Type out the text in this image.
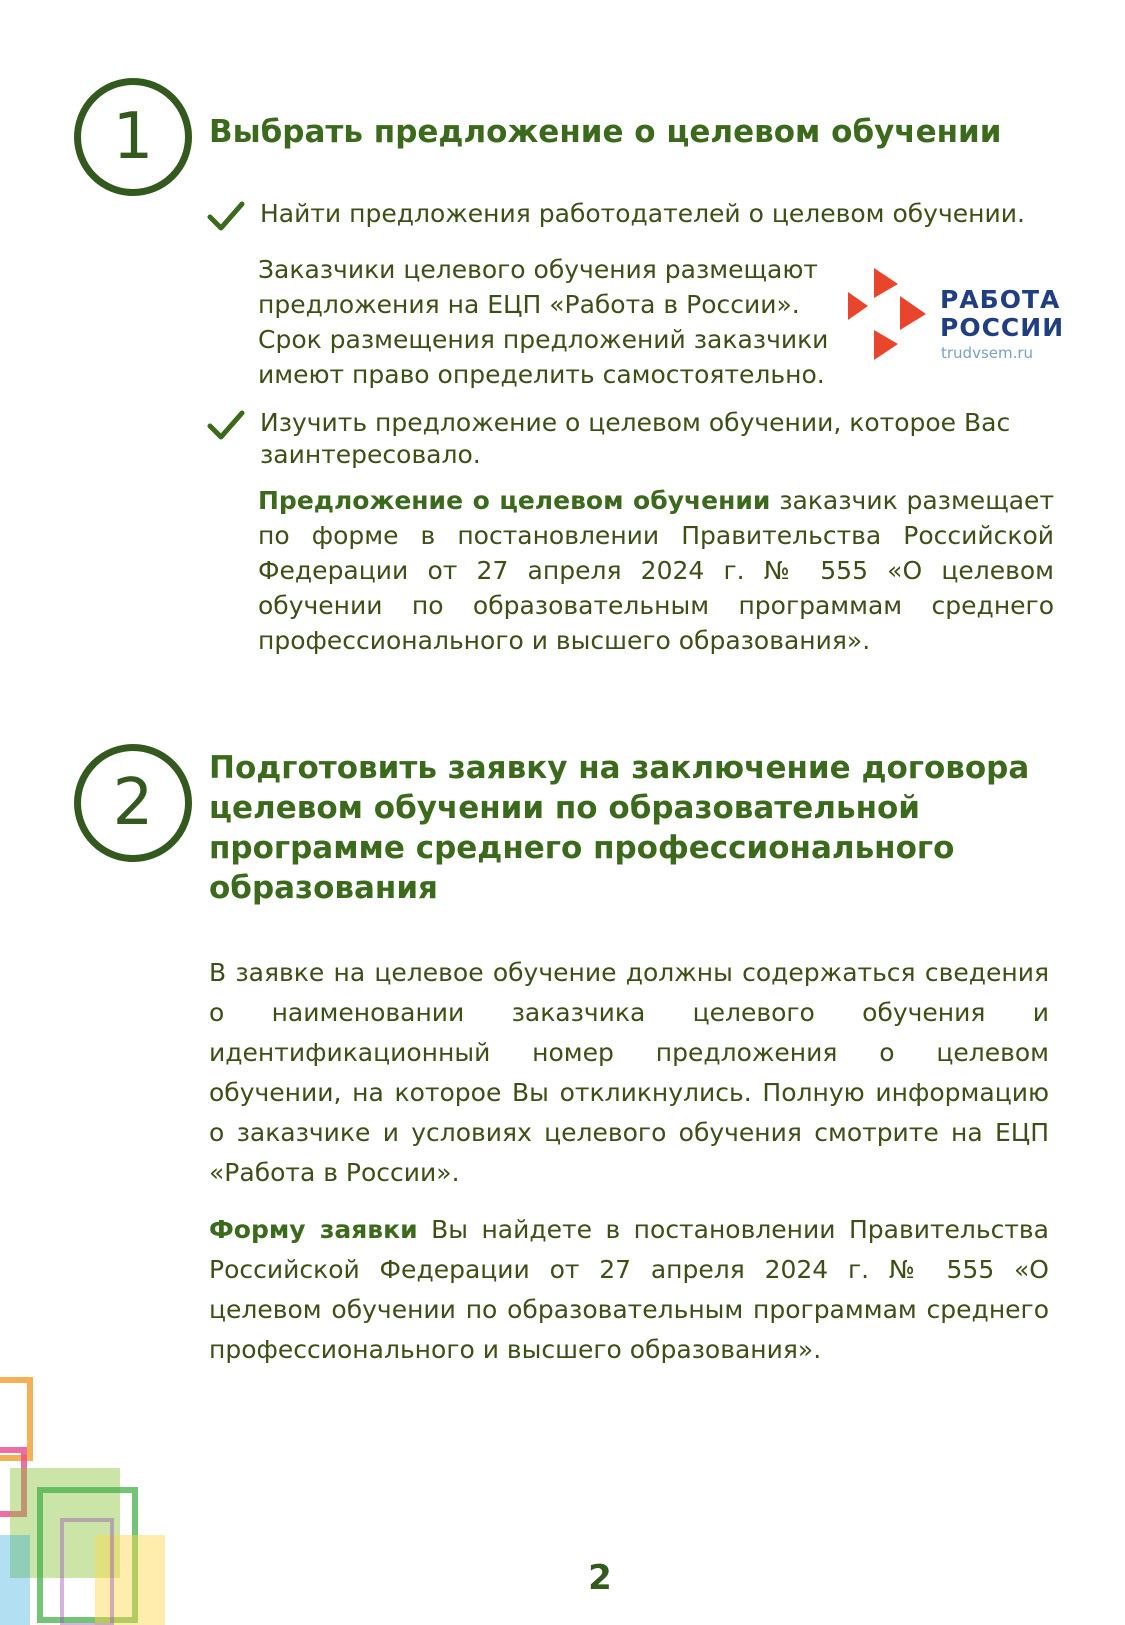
1 Выбрать предложение о целевом обучении
Найти предложения работодателей о целевом обучении.

Заказчики целевого обучения размещают предложения на ЕЦП «Работа в России». Срок размещения предложений заказчики имеют право определить самостоятельно.

РАБОТА
РОССИИ
trudvsem.ru
Изучить предложение о целевом обучении, которое Вас заинтересовало.

Предложение о целевом обучении заказчик размещает по форме в постановлении Правительства Российской Федерации от 27 апреля 2024 г. № 555 «О целевом обучении по образовательным программам среднего профессионального и высшего образования».

2 Подготовить заявку на заключение договора
целевом обучении по образовательной
программе среднего профессионального
образования

В заявке на целевое обучение должны содержаться сведения о наименовании заказчика целевого обучения и идентификационный номер предложения о целевом обучении, на которое Вы откликнулись. Полную информацию о заказчике и условиях целевого обучения смотрите на ЕЦП «Работа в России».

Форму заявки Вы найдете в постановлении Правительства Российской Федерации от 27 апреля 2024 г. № 555 «О целевом обучении по образовательным программам среднего профессионального и высшего образования».

2
